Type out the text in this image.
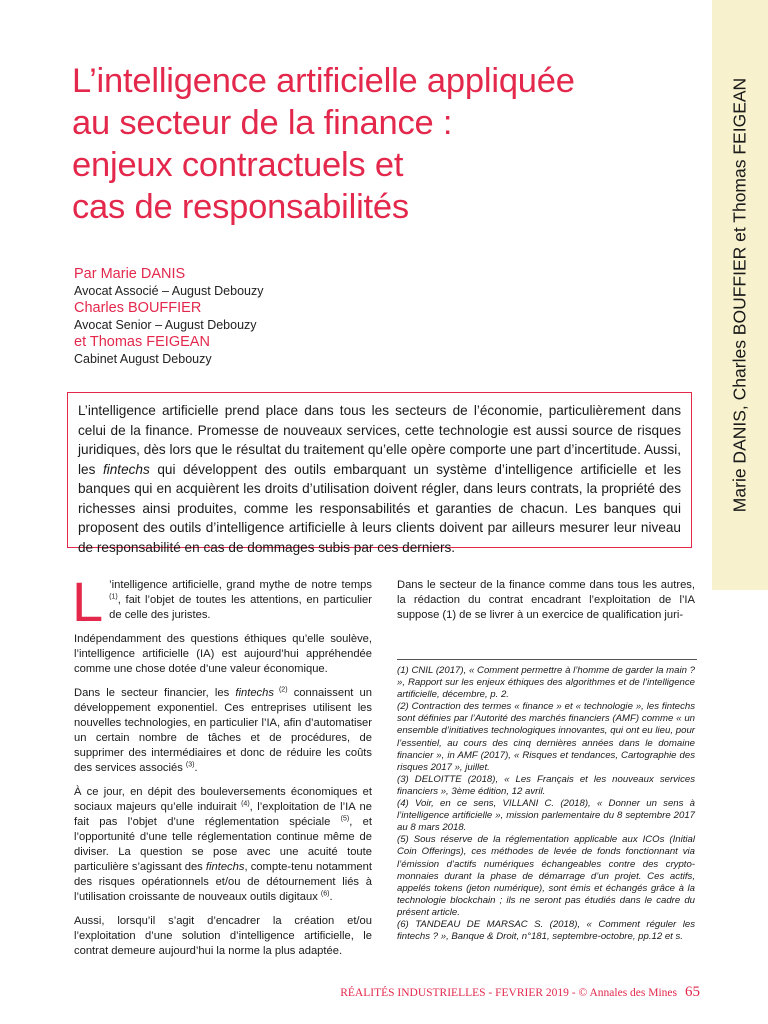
Marie DANIS, Charles BOUFFIER et Thomas FEIGEAN
L’intelligence artificielle appliquée
au secteur de la finance :
enjeux contractuels et
cas de responsabilités
Par Marie DANIS
Avocat Associé – August Debouzy
Charles BOUFFIER
Avocat Senior – August Debouzy
et Thomas FEIGEAN
Cabinet August Debouzy

L’intelligence artificielle prend place dans tous les secteurs de l’économie, particulièrement dans celui de la finance. Promesse de nouveaux services, cette technologie est aussi source de risques juridiques, dès lors que le résultat du traitement qu’elle opère comporte une part d’incertitude. Aussi, les fintechs qui développent des outils embarquant un système d’intelligence artificielle et les banques qui en acquièrent les droits d’utilisation doivent régler, dans leurs contrats, la propriété des richesses ainsi produites, comme les responsabilités et garanties de chacun. Les banques qui proposent des outils d’intelligence artificielle à leurs clients doivent par ailleurs mesurer leur niveau de responsabilité en cas de dommages subis par ces derniers.

L ’intelligence artificielle, grand mythe de notre temps $^{(1)}$, fait l’objet de toutes les attentions, en particulier de celle des juristes.

Indépendamment des questions éthiques qu’elle soulève, l’intelligence artificielle (IA) est aujourd’hui appréhendée comme une chose dotée d’une valeur économique.

Dans le secteur financier, les fintechs $^{(2)}$ connaissent un développement exponentiel. Ces entreprises utilisent les nouvelles technologies, en particulier l’IA, afin d’automatiser un certain nombre de tâches et de procédures, de supprimer des intermédiaires et donc de réduire les coûts des services associés $^{(3)}$.

À ce jour, en dépit des bouleversements économiques et sociaux majeurs qu’elle induirait $^{(4)}$, l’exploitation de l’IA ne fait pas l’objet d’une réglementation spéciale $^{(5)}$, et l’opportunité d’une telle réglementation continue même de diviser. La question se pose avec une acuité toute particulière s’agissant des fintechs, compte-tenu notamment des risques opérationnels et/ou de détournement liés à l’utilisation croissante de nouveaux outils digitaux $^{(6)}$.

Aussi, lorsqu’il s’agit d’encadrer la création et/ou l’exploitation d’une solution d’intelligence artificielle, le contrat demeure aujourd’hui la norme la plus adaptée.

Dans le secteur de la finance comme dans tous les autres, la rédaction du contrat encadrant l’exploitation de l’IA suppose (1) de se livrer à un exercice de qualification juri-

(1) CNIL (2017), « Comment permettre à l’homme de garder la main ? », Rapport sur les enjeux éthiques des algorithmes et de l’intelligence artificielle, décembre, p. 2.

(2) Contraction des termes « finance » et « technologie », les fintechs sont définies par l’Autorité des marchés financiers (AMF) comme « un ensemble d’initiatives technologiques innovantes, qui ont eu lieu, pour l’essentiel, au cours des cinq dernières années dans le domaine financier », in AMF (2017), « Risques et tendances, Cartographie des risques 2017 », juillet.

(3) DELOITTE (2018), « Les Français et les nouveaux services financiers », 3ème édition, 12 avril.

(4) Voir, en ce sens, VILLANI C. (2018), « Donner un sens à l’intelligence artificielle », mission parlementaire du 8 septembre 2017 au 8 mars 2018.

(5) Sous réserve de la réglementation applicable aux ICOs (Initial Coin Offerings), ces méthodes de levée de fonds fonctionnant via l’émission d’actifs numériques échangeables contre des crypto-monnaies durant la phase de démarrage d’un projet. Ces actifs, appelés tokens (jeton numérique), sont émis et échangés grâce à la technologie blockchain ; ils ne seront pas étudiés dans le cadre du présent article.

(6) TANDEAU DE MARSAC S. (2018), « Comment réguler les fintechs ? », Banque & Droit, n°181, septembre-octobre, pp.12 et s.

RÉALITÉS INDUSTRIELLES - FEVRIER 2019 - © Annales des Mines 65
